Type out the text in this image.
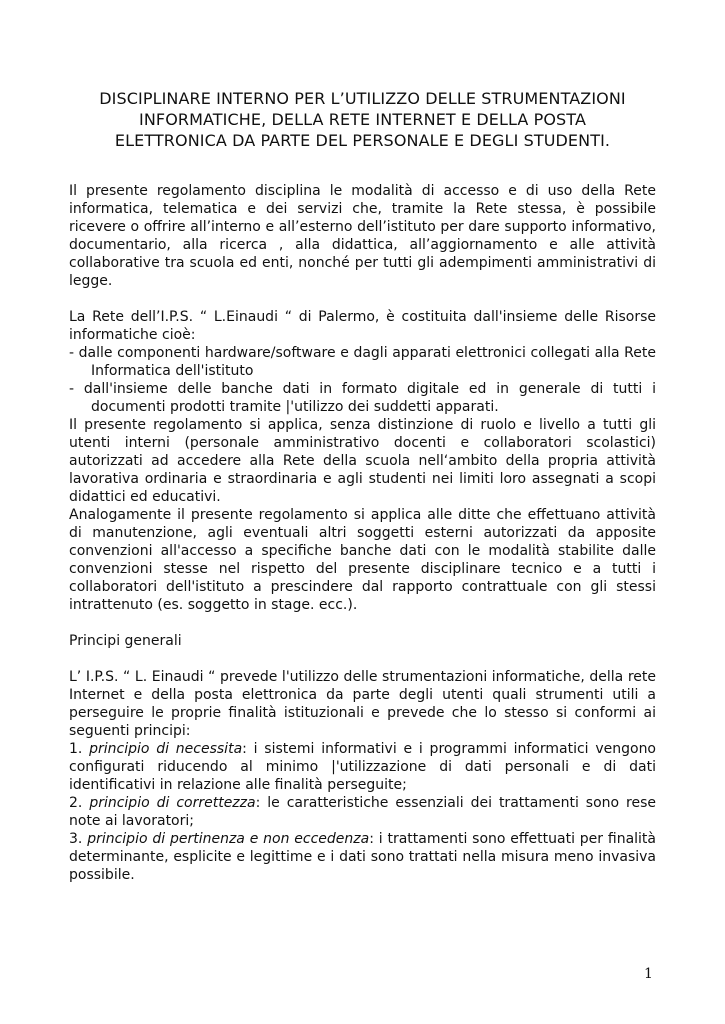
DISCIPLINARE INTERNO PER L’UTILIZZO DELLE STRUMENTAZIONI
INFORMATICHE, DELLA RETE INTERNET E DELLA POSTA
ELETTRONICA DA PARTE DEL PERSONALE E DEGLI STUDENTI.

Il presente regolamento disciplina le modalità di accesso e di uso della Rete informatica, telematica e dei servizi che, tramite la Rete stessa, è possibile ricevere o offrire all’interno e all’esterno dell’istituto per dare supporto informativo, documentario, alla ricerca , alla didattica, all’aggiornamento e alle attività collaborative tra scuola ed enti, nonché per tutti gli adempimenti amministrativi di legge.

La Rete dell’I.P.S. “ L.Einaudi “ di Palermo, è costituita dall'insieme delle Risorse informatiche cioè:

- dalle componenti hardware/software e dagli apparati elettronici collegati alla Rete Informatica dell'istituto

- dall'insieme delle banche dati in formato digitale ed in generale di tutti i documenti prodotti tramite |'utilizzo dei suddetti apparati.

Il presente regolamento si applica, senza distinzione di ruolo e livello a tutti gli utenti interni (personale amministrativo docenti e collaboratori scolastici) autorizzati ad accedere alla Rete della scuola nell‘ambito della propria attività lavorativa ordinaria e straordinaria e agli studenti nei limiti loro assegnati a scopi didattici ed educativi.

Analogamente il presente regolamento si applica alle ditte che effettuano attività di manutenzione, agli eventuali altri soggetti esterni autorizzati da apposite convenzioni all'accesso a specifiche banche dati con le modalità stabilite dalle convenzioni stesse nel rispetto del presente disciplinare tecnico e a tutti i collaboratori dell'istituto a prescindere dal rapporto contrattuale con gli stessi intrattenuto (es. soggetto in stage. ecc.).

Principi generali

L’ I.P.S. “ L. Einaudi “ prevede l'utilizzo delle strumentazioni informatiche, della rete Internet e della posta elettronica da parte degli utenti quali strumenti utili a perseguire le proprie finalità istituzionali e prevede che lo stesso si conformi ai seguenti principi:

1. principio di necessita: i sistemi informativi e i programmi informatici vengono configurati riducendo al minimo |'utilizzazione di dati personali e di dati identificativi in relazione alle finalità perseguite;

2. principio di correttezza: le caratteristiche essenziali dei trattamenti sono rese note ai lavoratori;

3. principio di pertinenza e non eccedenza: i trattamenti sono effettuati per finalità determinante, esplicite e legittime e i dati sono trattati nella misura meno invasiva possibile.

1
